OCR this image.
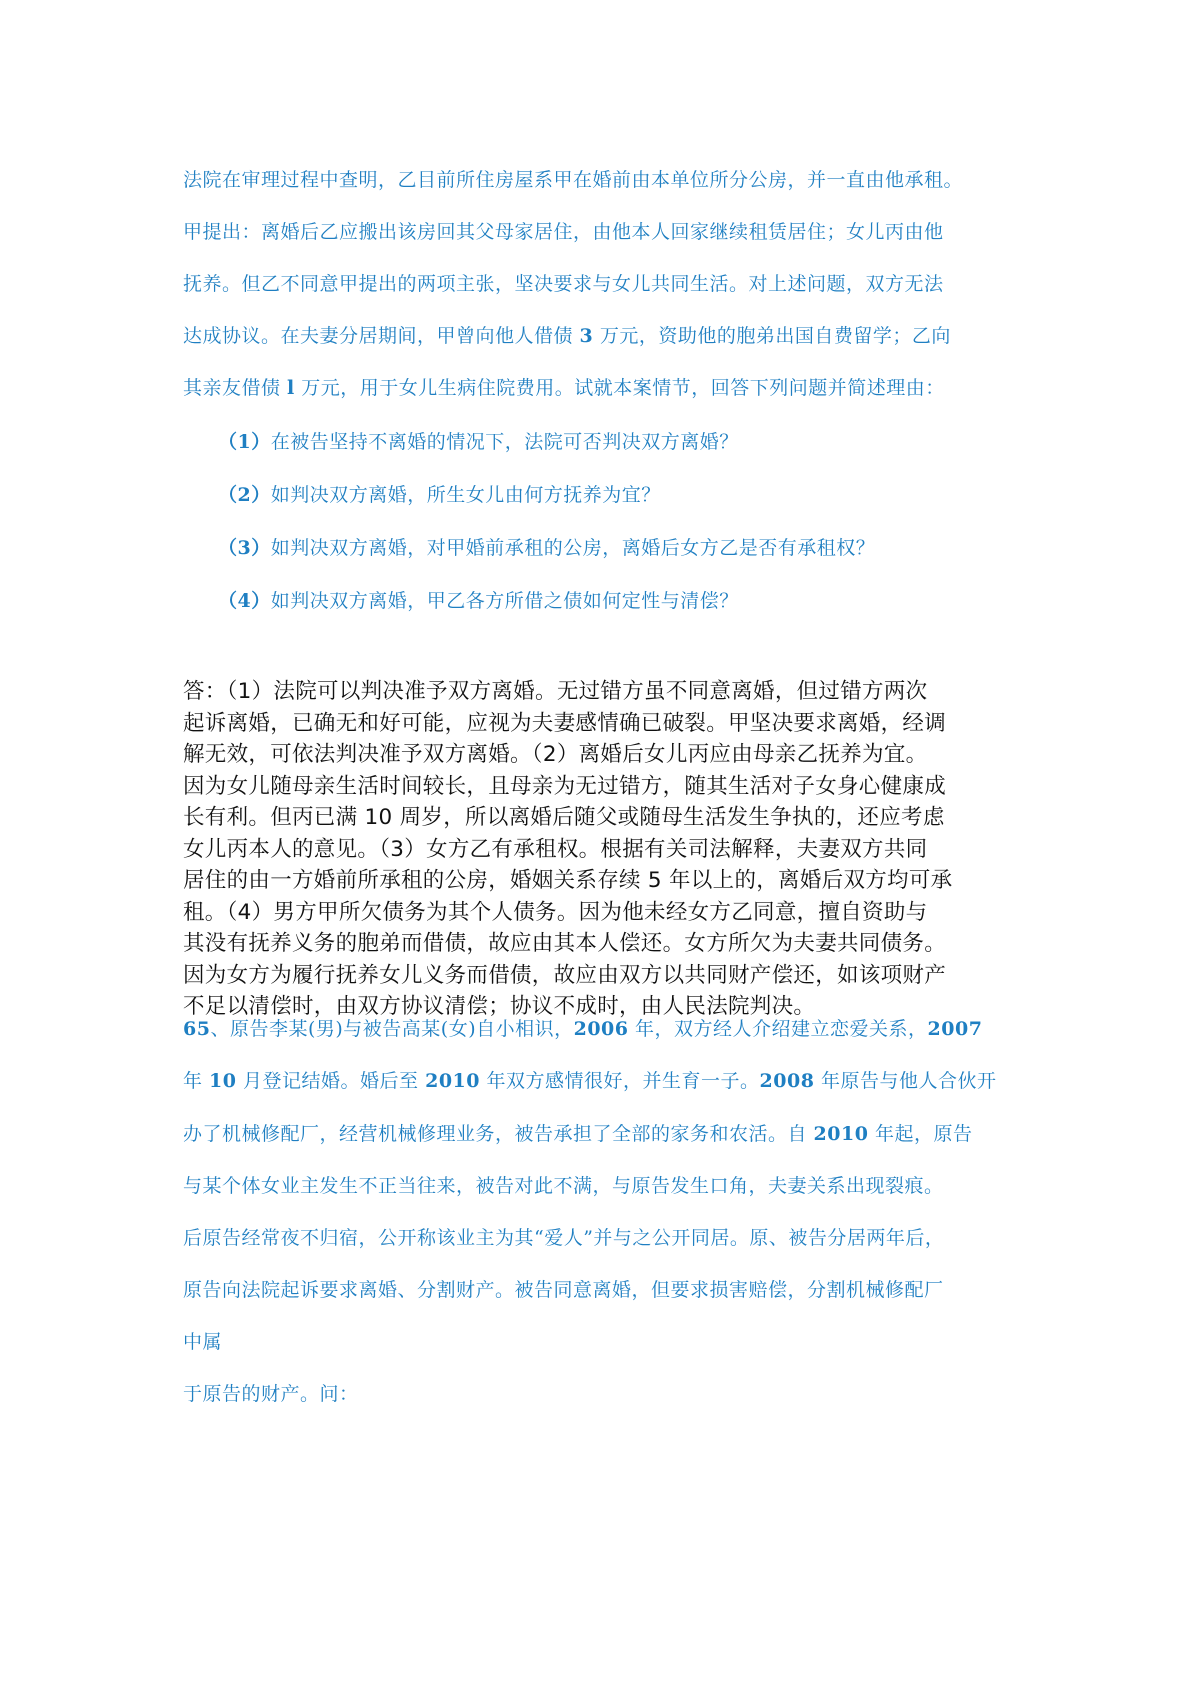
法院在审理过程中查明，乙目前所住房屋系甲在婚前由本单位所分公房，并一直由他承租。
甲提出：离婚后乙应搬出该房回其父母家居住，由他本人回家继续租赁居住；女儿丙由他
抚养。但乙不同意甲提出的两项主张，坚决要求与女儿共同生活。对上述问题，双方无法
达成协议。在夫妻分居期间，甲曾向他人借债 3 万元，资助他的胞弟出国自费留学；乙向
其亲友借债 l 万元，用于女儿生病住院费用。试就本案情节，回答下列问题并简述理由：
（1）在被告坚持不离婚的情况下，法院可否判决双方离婚？
（2）如判决双方离婚，所生女儿由何方抚养为宜？
（3）如判决双方离婚，对甲婚前承租的公房，离婚后女方乙是否有承租权？
（4）如判决双方离婚，甲乙各方所借之债如何定性与清偿？
答：（1）法院可以判决准予双方离婚。无过错方虽不同意离婚，但过错方两次
起诉离婚，已确无和好可能，应视为夫妻感情确已破裂。甲坚决要求离婚，经调
解无效，可依法判决准予双方离婚。（2）离婚后女儿丙应由母亲乙抚养为宜。
因为女儿随母亲生活时间较长，且母亲为无过错方，随其生活对子女身心健康成
长有利。但丙已满 10 周岁，所以离婚后随父或随母生活发生争执的，还应考虑
女儿丙本人的意见。（3）女方乙有承租权。根据有关司法解释，夫妻双方共同
居住的由一方婚前所承租的公房，婚姻关系存续 5 年以上的，离婚后双方均可承
租。（4）男方甲所欠债务为其个人债务。因为他未经女方乙同意，擅自资助与
其没有抚养义务的胞弟而借债，故应由其本人偿还。女方所欠为夫妻共同债务。
因为女方为履行抚养女儿义务而借债，故应由双方以共同财产偿还，如该项财产
不足以清偿时，由双方协议清偿；协议不成时，由人民法院判决。
65、原告李某(男)与被告高某(女)自小相识，2006 年，双方经人介绍建立恋爱关系，2007
年 10 月登记结婚。婚后至 2010 年双方感情很好，并生育一子。2008 年原告与他人合伙开
办了机械修配厂，经营机械修理业务，被告承担了全部的家务和农活。自 2010 年起，原告
与某个体女业主发生不正当往来，被告对此不满，与原告发生口角，夫妻关系出现裂痕。
后原告经常夜不归宿，公开称该业主为其“爱人”并与之公开同居。原、被告分居两年后，
原告向法院起诉要求离婚、分割财产。被告同意离婚，但要求损害赔偿，分割机械修配厂
中属
于原告的财产。问：
